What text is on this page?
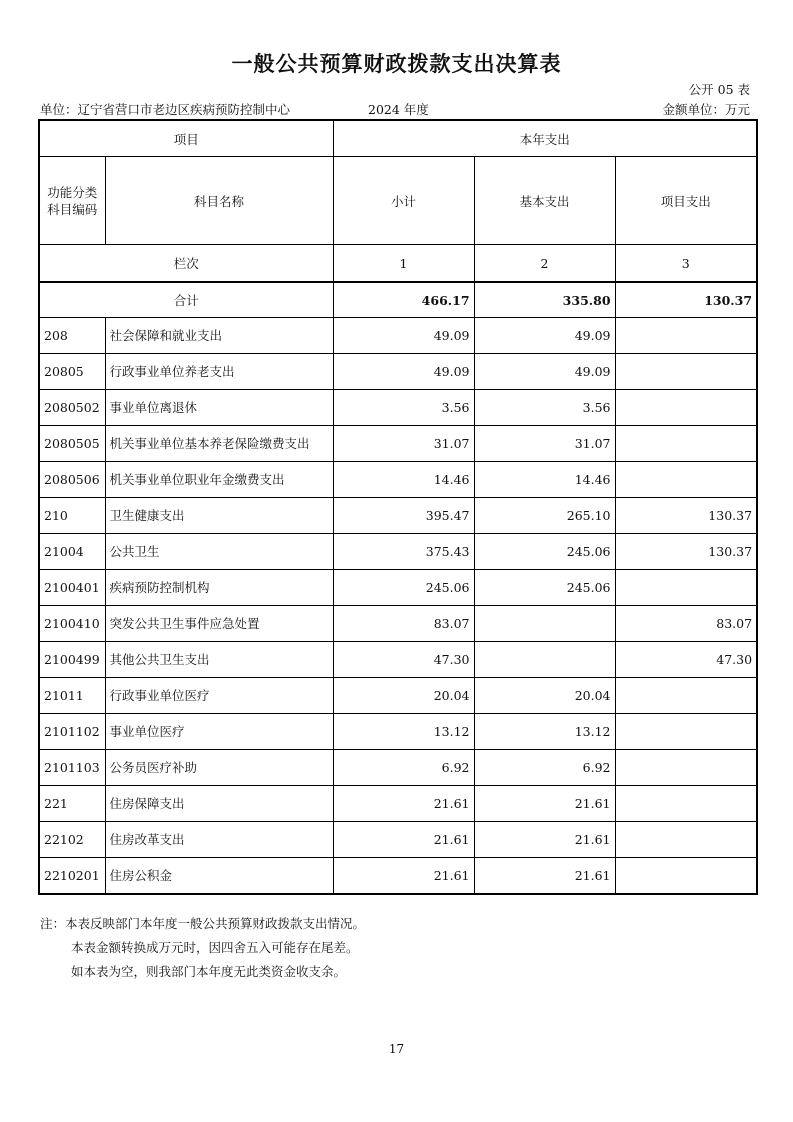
一般公共预算财政拨款支出决算表
公开 05 表
单位：辽宁省营口市老边区疾病预防控制中心	2024 年度	金额单位：万元
项目		本年支出		
功能分类科目编码	科目名称	小计	基本支出	项目支出
栏次		1	2	3
合计		466.17	335.80	130.37
208	社会保障和就业支出	49.09	49.09	
20805	行政事业单位养老支出	49.09	49.09	
2080502	事业单位离退休	3.56	3.56	
2080505	机关事业单位基本养老保险缴费支出	31.07	31.07	
2080506	机关事业单位职业年金缴费支出	14.46	14.46	
210	卫生健康支出	395.47	265.10	130.37
21004	公共卫生	375.43	245.06	130.37
2100401	疾病预防控制机构	245.06	245.06	
2100410	突发公共卫生事件应急处置	83.07		83.07
2100499	其他公共卫生支出	47.30		47.30
21011	行政事业单位医疗	20.04	20.04	
2101102	事业单位医疗	13.12	13.12	
2101103	公务员医疗补助	6.92	6.92	
221	住房保障支出	21.61	21.61	
22102	住房改革支出	21.61	21.61	
2210201	住房公积金	21.61	21.61	
注：本表反映部门本年度一般公共预算财政拨款支出情况。
本表金额转换成万元时，因四舍五入可能存在尾差。
如本表为空，则我部门本年度无此类资金收支余。
17
